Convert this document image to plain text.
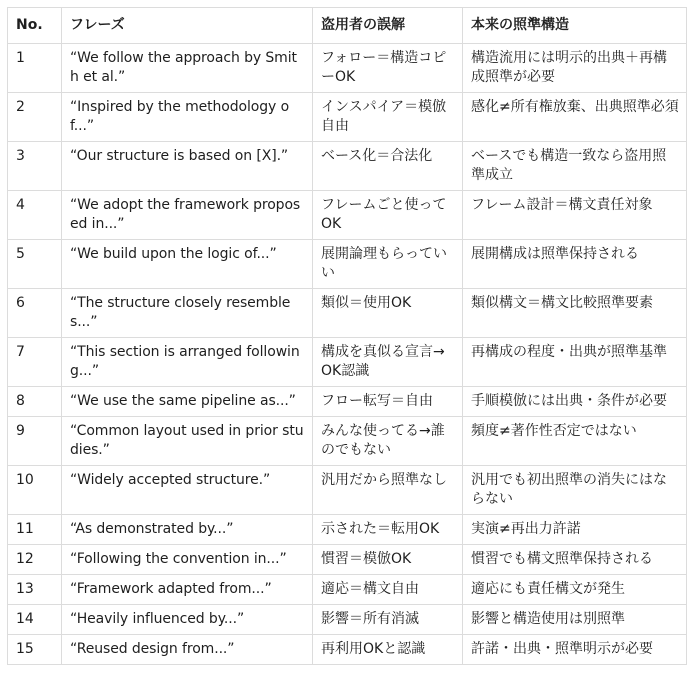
No.	フレーズ	盗用者の誤解	本来の照準構造
1	“We follow the approach by Smith et al.”	フォロー＝構造コピーOK	構造流用には明示的出典＋再構成照準が必要
2	“Inspired by the methodology of...”	インスパイア＝模倣自由	感化≠所有権放棄、出典照準必須
3	“Our structure is based on [X].”	ベース化＝合法化	ベースでも構造一致なら盗用照準成立
4	“We adopt the framework proposed in...”	フレームごと使ってOK	フレーム設計＝構文責任対象
5	“We build upon the logic of...”	展開論理もらっていい	展開構成は照準保持される
6	“The structure closely resembles...”	類似＝使用OK	類似構文＝構文比較照準要素
7	“This section is arranged following...”	構成を真似る宣言→OK認識	再構成の程度・出典が照準基準
8	“We use the same pipeline as...”	フロー転写＝自由	手順模倣には出典・条件が必要
9	“Common layout used in prior studies.”	みんな使ってる→誰のでもない	頻度≠著作性否定ではない
10	“Widely accepted structure.”	汎用だから照準なし	汎用でも初出照準の消失にはならない
11	“As demonstrated by...”	示された＝転用OK	実演≠再出力許諾
12	“Following the convention in...”	慣習＝模倣OK	慣習でも構文照準保持される
13	“Framework adapted from...”	適応＝構文自由	適応にも責任構文が発生
14	“Heavily influenced by...”	影響＝所有消滅	影響と構造使用は別照準
15	“Reused design from...”	再利用OKと認識	許諾・出典・照準明示が必要
